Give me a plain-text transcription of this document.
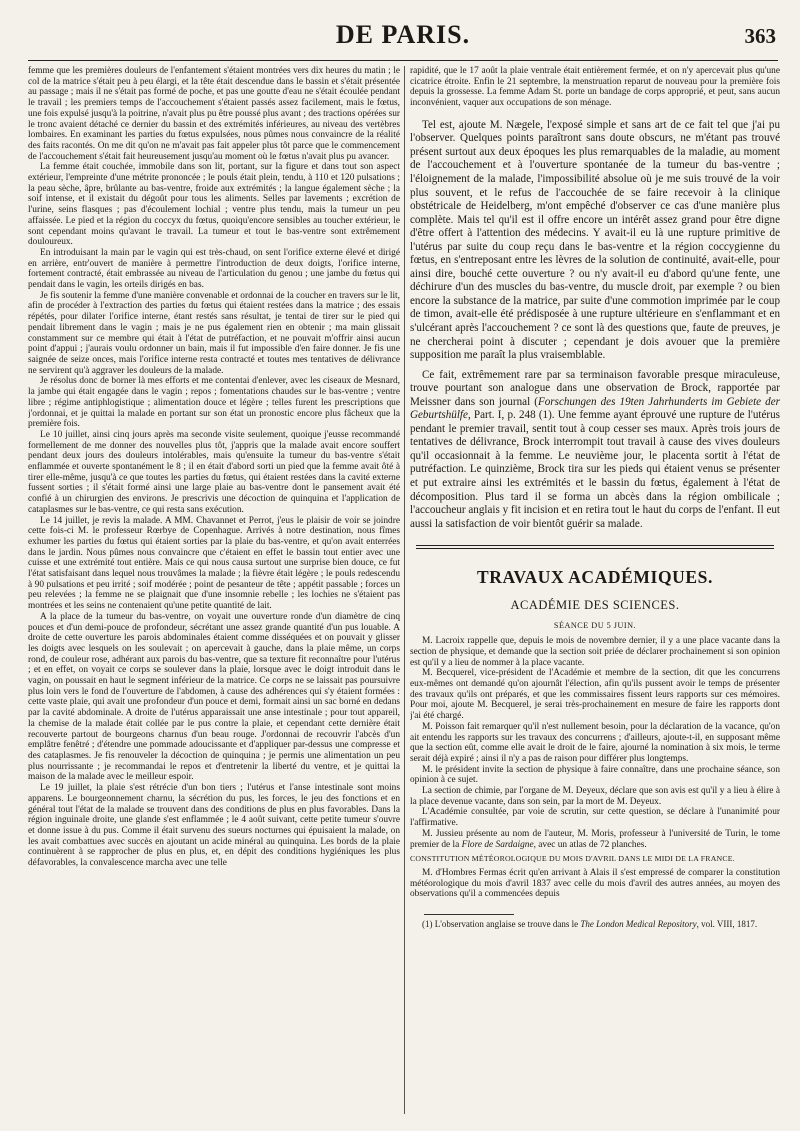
DE PARIS.	363

femme que les premières douleurs de l'enfantement s'étaient montrées vers dix heures du matin ; le col de la matrice s'était peu à peu élargi, et la tête était descendue dans le bassin et s'était présentée au passage ; mais il ne s'était pas formé de poche, et pas une goutte d'eau ne s'était écoulée pendant le travail ; les premiers temps de l'accouchement s'étaient passés assez facilement, mais le fœtus, une fois expulsé jusqu'à la poitrine, n'avait plus pu être poussé plus avant ; des tractions opérées sur le tronc avaient détaché ce dernier du bassin et des extrémités inférieures, au niveau des vertèbres lombaires. En examinant les parties du fœtus expulsées, nous pûmes nous convaincre de la réalité des faits racontés. On me dit qu'on ne m'avait pas fait appeler plus tôt parce que le commencement de l'accouchement s'était fait heureusement jusqu'au moment où le fœtus n'avait plus pu avancer.

La femme était couchée, immobile dans son lit, portant, sur la figure et dans tout son aspect extérieur, l'empreinte d'une métrite prononcée ; le pouls était plein, tendu, à 110 et 120 pulsations ; la peau sèche, âpre, brûlante au bas-ventre, froide aux extrémités ; la langue également sèche ; la soif intense, et il existait du dégoût pour tous les aliments. Selles par lavements ; excrétion de l'urine, seins flasques ; pas d'écoulement lochial ; ventre plus tendu, mais la tumeur un peu affaissée. Le pied et la région du coccyx du fœtus, quoiqu'encore sensibles au toucher extérieur, le sont cependant moins qu'avant le travail. La tumeur et tout le bas-ventre sont extrêmement douloureux.

En introduisant la main par le vagin qui est très-chaud, on sent l'orifice externe élevé et dirigé en arrière, entr'ouvert de manière à permettre l'introduction de deux doigts, l'orifice interne, fortement contracté, était embrassée au niveau de l'articulation du genou ; une jambe du fœtus qui pendait dans le vagin, les orteils dirigés en bas.

Je fis soutenir la femme d'une manière convenable et ordonnai de la coucher en travers sur le lit, afin de procéder à l'extraction des parties du fœtus qui étaient restées dans la matrice ; des essais répétés, pour dilater l'orifice interne, étant restés sans résultat, je tentai de tirer sur le pied qui pendait librement dans le vagin ; mais je ne pus également rien en obtenir ; ma main glissait constamment sur ce membre qui était à l'état de putréfaction, et ne pouvait m'offrir ainsi aucun point d'appui ; j'aurais voulu ordonner un bain, mais il fut impossible d'en faire donner. Je fis une saignée de seize onces, mais l'orifice interne resta contracté et toutes mes tentatives de délivrance ne servirent qu'à aggraver les douleurs de la malade.

Je résolus donc de borner là mes efforts et me contentai d'enlever, avec les ciseaux de Mesnard, la jambe qui était engagée dans le vagin ; repos ; fomentations chaudes sur le bas-ventre ; ventre libre ; régime antiphlogistique ; alimentation douce et légère ; telles furent les prescriptions que j'ordonnai, et je quittai la malade en portant sur son état un pronostic encore plus fâcheux que la première fois.

Le 10 juillet, ainsi cinq jours après ma seconde visite seulement, quoique j'eusse recommandé formellement de me donner des nouvelles plus tôt, j'appris que la malade avait encore souffert pendant deux jours des douleurs intolérables, mais qu'ensuite la tumeur du bas-ventre s'était enflammée et ouverte spontanément le 8 ; il en était d'abord sorti un pied que la femme avait ôté à tirer elle-même, jusqu'à ce que toutes les parties du fœtus, qui étaient restées dans la cavité externe fussent sorties ; il s'était formé ainsi une large plaie au bas-ventre dont le pansement avait été confié à un chirurgien des environs. Je prescrivis une décoction de quinquina et l'application de cataplasmes sur le bas-ventre, ce qui resta sans exécution.

Le 14 juillet, je revis la malade. A MM. Chavannet et Perrot, j'eus le plaisir de voir se joindre cette fois-ci M. le professeur Rœrbye de Copenhague. Arrivés à notre destination, nous fîmes exhumer les parties du fœtus qui étaient sorties par la plaie du bas-ventre, et qu'on avait enterrées dans le jardin. Nous pûmes nous convaincre que c'étaient en effet le bassin tout entier avec une cuisse et une extrémité tout entière. Mais ce qui nous causa surtout une surprise bien douce, ce fut l'état satisfaisant dans lequel nous trouvâmes la malade ; la fièvre était légère ; le pouls redescendu à 90 pulsations et peu irrité ; soif modérée ; point de pesanteur de tête ; appétit passable ; forces un peu relevées ; la femme ne se plaignait que d'une insomnie rebelle ; les lochies ne s'étaient pas montrées et les seins ne contenaient qu'une petite quantité de lait.

A la place de la tumeur du bas-ventre, on voyait une ouverture ronde d'un diamètre de cinq pouces et d'un demi-pouce de profondeur, sécrétant une assez grande quantité d'un pus louable. A droite de cette ouverture les parois abdominales étaient comme disséquées et on pouvait y glisser les doigts avec lesquels on les soulevait ; on apercevait à gauche, dans la plaie même, un corps rond, de couleur rose, adhérant aux parois du bas-ventre, que sa texture fit reconnaître pour l'utérus ; et en effet, on voyait ce corps se soulever dans la plaie, lorsque avec le doigt introduit dans le vagin, on poussait en haut le segment inférieur de la matrice. Ce corps ne se laissait pas poursuivre plus loin vers le fond de l'ouverture de l'abdomen, à cause des adhérences qui s'y étaient formées : cette vaste plaie, qui avait une profondeur d'un pouce et demi, formait ainsi un sac borné en dedans par la cavité abdominale. A droite de l'utérus apparaissait une anse intestinale ; pour tout appareil, la chemise de la malade était collée par le pus contre la plaie, et cependant cette dernière était recouverte partout de bourgeons charnus d'un beau rouge. J'ordonnai de recouvrir l'abcès d'un emplâtre fenêtré ; d'étendre une pommade adoucissante et d'appliquer par-dessus une compresse et des cataplasmes. Je fis renouveler la décoction de quinquina ; je permis une alimentation un peu plus nourrissante ; je recommandai le repos et d'entretenir la liberté du ventre, et je quittai la maison de la malade avec le meilleur espoir.

Le 19 juillet, la plaie s'est rétrécie d'un bon tiers ; l'utérus et l'anse intestinale sont moins apparens. Le bourgeonnement charnu, la sécrétion du pus, les forces, le jeu des fonctions et en général tout l'état de la malade se trouvent dans des conditions de plus en plus favorables. Dans la région inguinale droite, une glande s'est enflammée ; le 4 août suivant, cette petite tumeur s'ouvre et donne issue à du pus. Comme il était survenu des sueurs nocturnes qui épuisaient la malade, on les avait combattues avec succès en ajoutant un acide minéral au quinquina. Les bords de la plaie continuèrent à se rapprocher de plus en plus, et, en dépit des conditions hygiéniques les plus défavorables, la convalescence marcha avec une telle

rapidité, que le 17 août la plaie ventrale était entièrement fermée, et on n'y apercevait plus qu'une cicatrice étroite. Enfin le 21 septembre, la menstruation reparut de nouveau pour la première fois depuis la grossesse. La femme Adam St. porte un bandage de corps approprié, et peut, sans aucun inconvénient, vaquer aux occupations de son ménage.

Tel est, ajoute M. Nægele, l'exposé simple et sans art de ce fait tel que j'ai pu l'observer. Quelques points paraîtront sans doute obscurs, ne m'étant pas trouvé présent surtout aux deux époques les plus remarquables de la maladie, au moment de l'accouchement et à l'ouverture spontanée de la tumeur du bas-ventre ; l'éloignement de la malade, l'impossibilité absolue où je me suis trouvé de la voir plus souvent, et le refus de l'accouchée de se faire recevoir à la clinique obstétricale de Heidelberg, m'ont empêché d'observer ce cas d'une manière plus complète. Mais tel qu'il est il offre encore un intérêt assez grand pour être digne d'être offert à l'attention des médecins. Y avait-il eu là une rupture primitive de l'utérus par suite du coup reçu dans le bas-ventre et la région coccygienne du fœtus, en s'entreposant entre les lèvres de la solution de continuité, avait-elle, pour ainsi dire, bouché cette ouverture ? ou n'y avait-il eu d'abord qu'une fente, une déchirure d'un des muscles du bas-ventre, du muscle droit, par exemple ? ou bien encore la substance de la matrice, par suite d'une commotion imprimée par le coup de timon, avait-elle été prédisposée à une rupture ultérieure en s'enflammant et en s'ulcérant après l'accouchement ? ce sont là des questions que, faute de preuves, je ne chercherai point à discuter ; cependant je dois avouer que la première supposition me paraît la plus vraisemblable.

Ce fait, extrêmement rare par sa terminaison favorable presque miraculeuse, trouve pourtant son analogue dans une observation de Brock, rapportée par Meissner dans son journal (Forschungen des 19ten Jahrhunderts im Gebiete der Geburtshülfe, Part. I, p. 248 (1). Une femme ayant éprouvé une rupture de l'utérus pendant le premier travail, sentit tout à coup cesser ses maux. Après trois jours de tentatives de délivrance, Brock interrompit tout travail à cause des vives douleurs qu'il occasionnait à la femme. Le neuvième jour, le placenta sortit à l'état de putréfaction. Le quinzième, Brock tira sur les pieds qui étaient venus se présenter et put extraire ainsi les extrémités et le bassin du fœtus, également à l'état de décomposition. Plus tard il se forma un abcès dans la région ombilicale ; l'accoucheur anglais y fit incision et en retira tout le haut du corps de l'enfant. Il eut aussi la satisfaction de voir bientôt guérir sa malade.

TRAVAUX ACADÉMIQUES.
ACADÉMIE DES SCIENCES.
SÉANCE DU 5 JUIN.

M. Lacroix rappelle que, depuis le mois de novembre dernier, il y a une place vacante dans la section de physique, et demande que la section soit priée de déclarer prochainement si son opinion est qu'il y a lieu de nommer à la place vacante.

M. Becquerel, vice-président de l'Académie et membre de la section, dit que les concurrens eux-mêmes ont demandé qu'on ajournât l'élection, afin qu'ils pussent avoir le temps de présenter des travaux qu'ils ont préparés, et que les commissaires fissent leurs rapports sur ces mémoires. Pour moi, ajoute M. Becquerel, je serai très-prochainement en mesure de faire les rapports dont j'ai été chargé.

M. Poisson fait remarquer qu'il n'est nullement besoin, pour la déclaration de la vacance, qu'on ait entendu les rapports sur les travaux des concurrens ; d'ailleurs, ajoute-t-il, en supposant même que la section eût, comme elle avait le droit de le faire, ajourné la nomination à six mois, le terme serait déjà expiré ; ainsi il n'y a pas de raison pour différer plus longtemps.

M. le président invite la section de physique à faire connaître, dans une prochaine séance, son opinion à ce sujet.

La section de chimie, par l'organe de M. Deyeux, déclare que son avis est qu'il y a lieu à élire à la place devenue vacante, dans son sein, par la mort de M. Deyeux.

L'Académie consultée, par voie de scrutin, sur cette question, se déclare à l'unanimité pour l'affirmative.

M. Jussieu présente au nom de l'auteur, M. Moris, professeur à l'université de Turin, le tome premier de la Flore de Sardaigne, avec un atlas de 72 planches.

CONSTITUTION MÉTÉOROLOGIQUE DU MOIS D'AVRIL DANS LE MIDI DE LA FRANCE.

M. d'Hombres Fermas écrit qu'en arrivant à Alais il s'est empressé de comparer la constitution météorologique du mois d'avril 1837 avec celle du mois d'avril des autres années, au moyen des observations qu'il a commencées depuis

(1) L'observation anglaise se trouve dans le The London Medical Repository, vol. VIII, 1817.
